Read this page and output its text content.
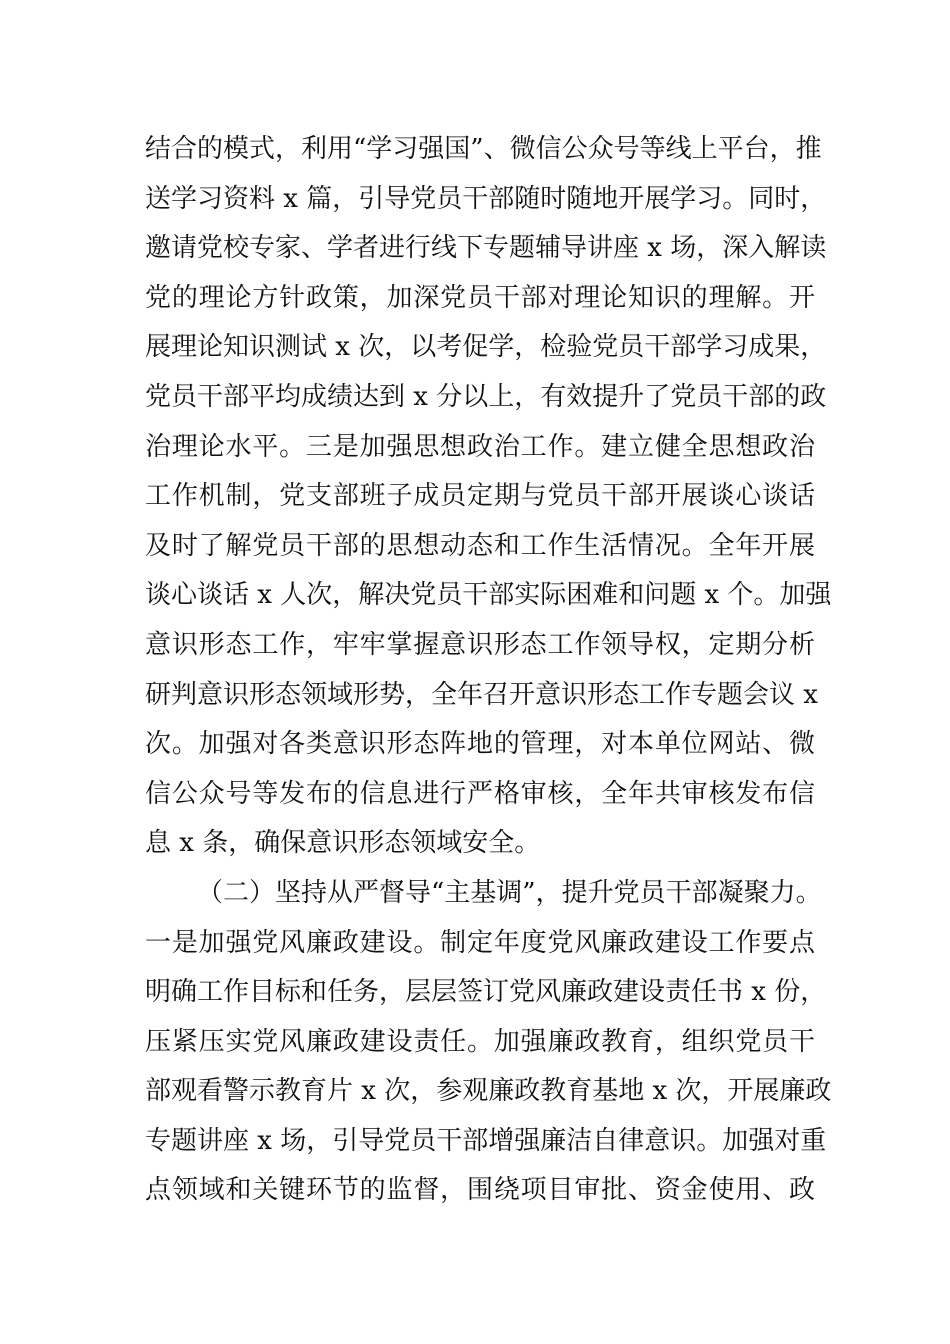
结合的模式，利用“学习强国”、微信公众号等线上平台，推
送学习资料 x 篇，引导党员干部随时随地开展学习。同时，
邀请党校专家、学者进行线下专题辅导讲座 x 场，深入解读
党的理论方针政策，加深党员干部对理论知识的理解。开
展理论知识测试 x 次，以考促学，检验党员干部学习成果，
党员干部平均成绩达到 x 分以上，有效提升了党员干部的政
治理论水平。三是加强思想政治工作。建立健全思想政治
工作机制，党支部班子成员定期与党员干部开展谈心谈话
及时了解党员干部的思想动态和工作生活情况。全年开展
谈心谈话 x 人次，解决党员干部实际困难和问题 x 个。加强
意识形态工作，牢牢掌握意识形态工作领导权，定期分析
研判意识形态领域形势，全年召开意识形态工作专题会议 x
次。加强对各类意识形态阵地的管理，对本单位网站、微
信公众号等发布的信息进行严格审核，全年共审核发布信
息 x 条，确保意识形态领域安全。
（二）坚持从严督导“主基调”，提升党员干部凝聚力。
一是加强党风廉政建设。制定年度党风廉政建设工作要点
明确工作目标和任务，层层签订党风廉政建设责任书 x 份，
压紧压实党风廉政建设责任。加强廉政教育，组织党员干
部观看警示教育片 x 次，参观廉政教育基地 x 次，开展廉政
专题讲座 x 场，引导党员干部增强廉洁自律意识。加强对重
点领域和关键环节的监督，围绕项目审批、资金使用、政
